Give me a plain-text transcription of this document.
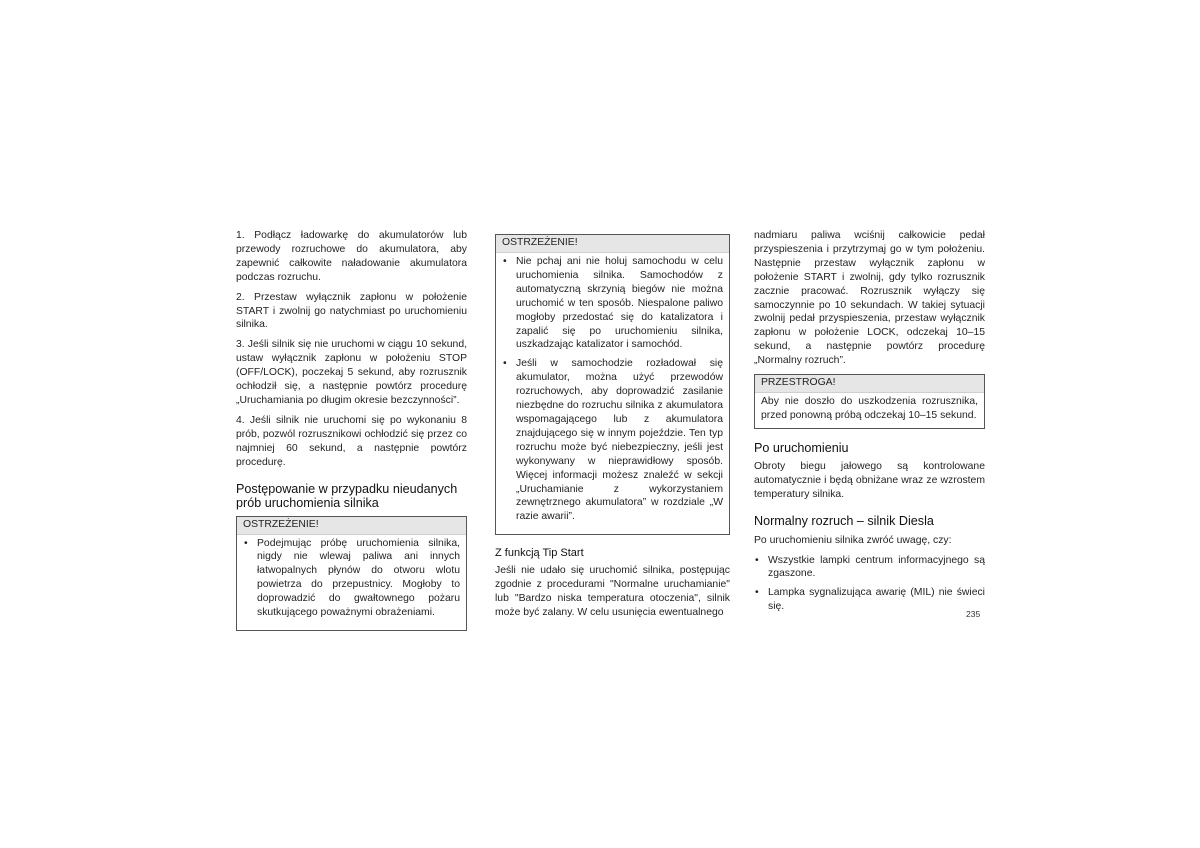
1. Podłącz ładowarkę do akumulatorów lub przewody rozruchowe do akumulatora, aby zapewnić całkowite naładowanie akumulatora podczas rozruchu.

2. Przestaw wyłącznik zapłonu w położenie START i zwolnij go natychmiast po uruchomieniu silnika.

3. Jeśli silnik się nie uruchomi w ciągu 10 sekund, ustaw wyłącznik zapłonu w położeniu STOP (OFF/LOCK), poczekaj 5 sekund, aby rozrusznik ochłodził się, a następnie powtórz procedurę „Uruchamiania po długim okresie bezczynności”.

4. Jeśli silnik nie uruchomi się po wykonaniu 8 prób, pozwól rozrusznikowi ochłodzić się przez co najmniej 60 sekund, a następnie powtórz procedurę.

Postępowanie w przypadku nieudanych prób uruchomienia silnika
OSTRZEŻENIE!
• Podejmując próbę uruchomienia silnika, nigdy nie wlewaj paliwa ani innych łatwopalnych płynów do otworu wlotu powietrza do przepustnicy. Mogłoby to doprowadzić do gwałtownego pożaru skutkującego poważnymi obrażeniami.
OSTRZEŻENIE!
• Nie pchaj ani nie holuj samochodu w celu uruchomienia silnika. Samochodów z automatyczną skrzynią biegów nie można uruchomić w ten sposób. Niespalone paliwo mogłoby przedostać się do katalizatora i zapalić się po uruchomieniu silnika, uszkadzając katalizator i samochód.
• Jeśli w samochodzie rozładował się akumulator, można użyć przewodów rozruchowych, aby doprowadzić zasilanie niezbędne do rozruchu silnika z akumulatora wspomagającego lub z akumulatora znajdującego się w innym pojeździe. Ten typ rozruchu może być niebezpieczny, jeśli jest wykonywany w nieprawidłowy sposób. Więcej informacji możesz znaleźć w sekcji „Uruchamianie z wykorzystaniem zewnętrznego akumulatora” w rozdziale „W razie awarii”.
Z funkcją Tip Start

Jeśli nie udało się uruchomić silnika, postępując zgodnie z procedurami "Normalne uruchamianie" lub "Bardzo niska temperatura otoczenia", silnik może być zalany. W celu usunięcia ewentualnego

nadmiaru paliwa wciśnij całkowicie pedał przyspieszenia i przytrzymaj go w tym położeniu. Następnie przestaw wyłącznik zapłonu w położenie START i zwolnij, gdy tylko rozrusznik zacznie pracować. Rozrusznik wyłączy się samoczynnie po 10 sekundach. W takiej sytuacji zwolnij pedał przyspieszenia, przestaw wyłącznik zapłonu w położenie LOCK, odczekaj 10–15 sekund, a następnie powtórz procedurę „Normalny rozruch”.

PRZESTROGA!

Aby nie doszło do uszkodzenia rozrusznika, przed ponowną próbą odczekaj 10–15 sekund.

Po uruchomieniu

Obroty biegu jałowego są kontrolowane automatycznie i będą obniżane wraz ze wzrostem temperatury silnika.

Normalny rozruch – silnik Diesla

Po uruchomieniu silnika zwróć uwagę, czy:

• Wszystkie lampki centrum informacyjnego są zgaszone.
• Lampka sygnalizująca awarię (MIL) nie świeci się.
235
